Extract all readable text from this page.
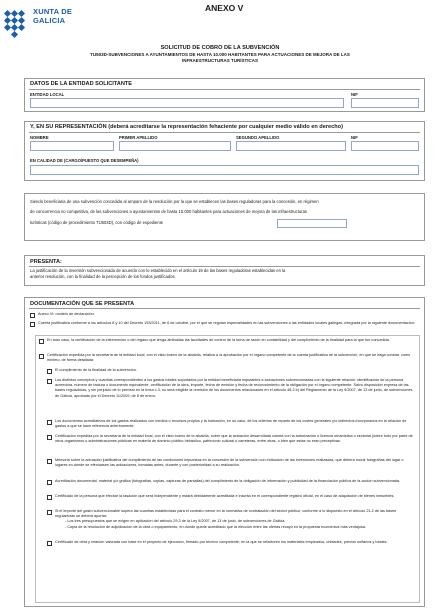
XUNTA DE
GALICIA
ANEXO V
SOLICITUD DE COBRO DE LA SUBVENCIÓN
TU503D-SUBVENCIONES A AYUNTAMIENTOS DE HASTA 10.000 HABITANTES PARA ACTUACIONES DE MEJORA DE LAS
INFRAESTRUCTURAS TURÍSTICAS
DATOS DE LA ENTIDAD SOLICITANTE
ENTIDAD LOCAL	NIF
Y, EN SU REPRESENTACIÓN (deberá acreditarse la representación fehaciente por cualquier medio válido en derecho)
NOMBRE	PRIMER APELLIDO	SEGUNDO APELLIDO	NIF
EN CALIDAD DE (CARGO/PUESTO QUE DESEMPEÑA)
Siendo beneficiaria de una subvención concedida al amparo de la resolución por la que se establecen las bases reguladoras para la concesión, en régimen
de concurrencia no competitiva, de las subvenciones a ayuntamientos de hasta 10.000 habitantes para actuaciones de mejora de las infraestructuras
turísticas (código de procedimiento TU503D), con código de expediente
PRESENTA:
La justificación de la inversión subvencionada de acuerdo con lo establecido en el artículo 19 de las bases reguladoras establecidas en la
anterior resolución, con la finalidad de la percepción de los fondos justificados.
DOCUMENTACIÓN QUE SE PRESENTA
Anexo VI: modelo de declaración.
Cuenta justificativa conforme a los artículos 8 y 10 del Decreto 193/2011, de 6 de octubre, por el que se regulan especialidades en las subvenciones a las entidades locales gallegas, integrada por la siguiente documentación:
En todo caso, la certificación de la intervención o del órgano que tenga atribuidas las facultades de control de la toma de razón en contabilidad y del cumplimiento de la finalidad para la que fue concedida.
Certificación expedida por la secretaría de la entidad local, con el visto bueno de la alcaldía, relativa a la aprobación por el órgano competente de la cuenta justificativa de la subvención, en que se haga constar, como mínimo, de forma detallada:
El cumplimiento de la finalidad de la subvención.
Los distintos conceptos y cuantías correspondientes a los gastos totales soportados por la entidad beneficiaria imputables a actuaciones subvencionadas con la siguiente relación: identificación de la persona acreedora, número de factura o documento equivalente, certificación de la obra, importe, fecha de emisión y fecha de reconocimiento de la obligación por el órgano competente. Salvo disposición expresa de las bases reguladoras, y sin perjuicio de lo previsto en la línea c.3, no será exigible la remisión de los documentos relacionados en el artículo 48.2.b) del Reglamento de la Ley 9/2007, de 13 de junio, de subvenciones de Galicia, aprobado por el Decreto 11/2009, de 8 de enero.
Los documentos acreditativos de los gastos realizados con medios o recursos propios y la indicación, en su caso, de los criterios de reparto de los costes generales y/o indirectos incorporados en la relación de gastos a que se hace referencia anteriormente.
Certificación expedida por la secretaría de la entidad local, con el visto bueno de la alcaldía, sobre que la actuación desarrollada cuenta con la autorización o licencia urbanística o sectorial (sobre todo por parte de otros organismos o administraciones públicas en materia de dominio público hidráulico, patrimonio cultural o carreteras, entre otras, o bien que estas no eran preceptivas.
Memoria sobre la actuación justificativa del cumplimiento de las condiciones impuestas en la concesión de la subvención con indicación de las inversiones realizadas, que deberá incluir fotografías del lugar o lugares en donde se efectuasen las actuaciones, tomadas antes, durante y con posterioridad a su realización.
Acreditación documental, material y/o gráfica (fotografías, copias, capturas de pantallas) del cumplimiento de la obligación de información y publicidad de la financiación pública de la acción subvencionada.
Certificado de la persona que efectúe la tasación que será independiente y estará debidamente acreditada e inscrita en el correspondiente registro oficial, en el caso de adquisición de bienes inmuebles.
Si el importe del gasto subvencionable supera las cuantías establecidas para el contrato menor en la normativa de contratación del sector público, conforme a lo dispuesto en el artículo 21.2 de las bases reguladoras se deberá aportar:
- Los tres presupuestos que se exigen en aplicación del artículo 29.3 de la Ley 9/2007, de 13 de junio, de subvenciones de Galicia.
- Copia de la resolución de adjudicación de la obra o equipamiento, en donde quede acreditado que la elección entre las ofertas recayó en la propuesta económica más ventajosa.
Certificado de obra y relación valorada con base en el proyecto de ejecución, firmado por técnico competente, en la que se refactoren los materiales empleados, unidades, precios unitarios y totales.
